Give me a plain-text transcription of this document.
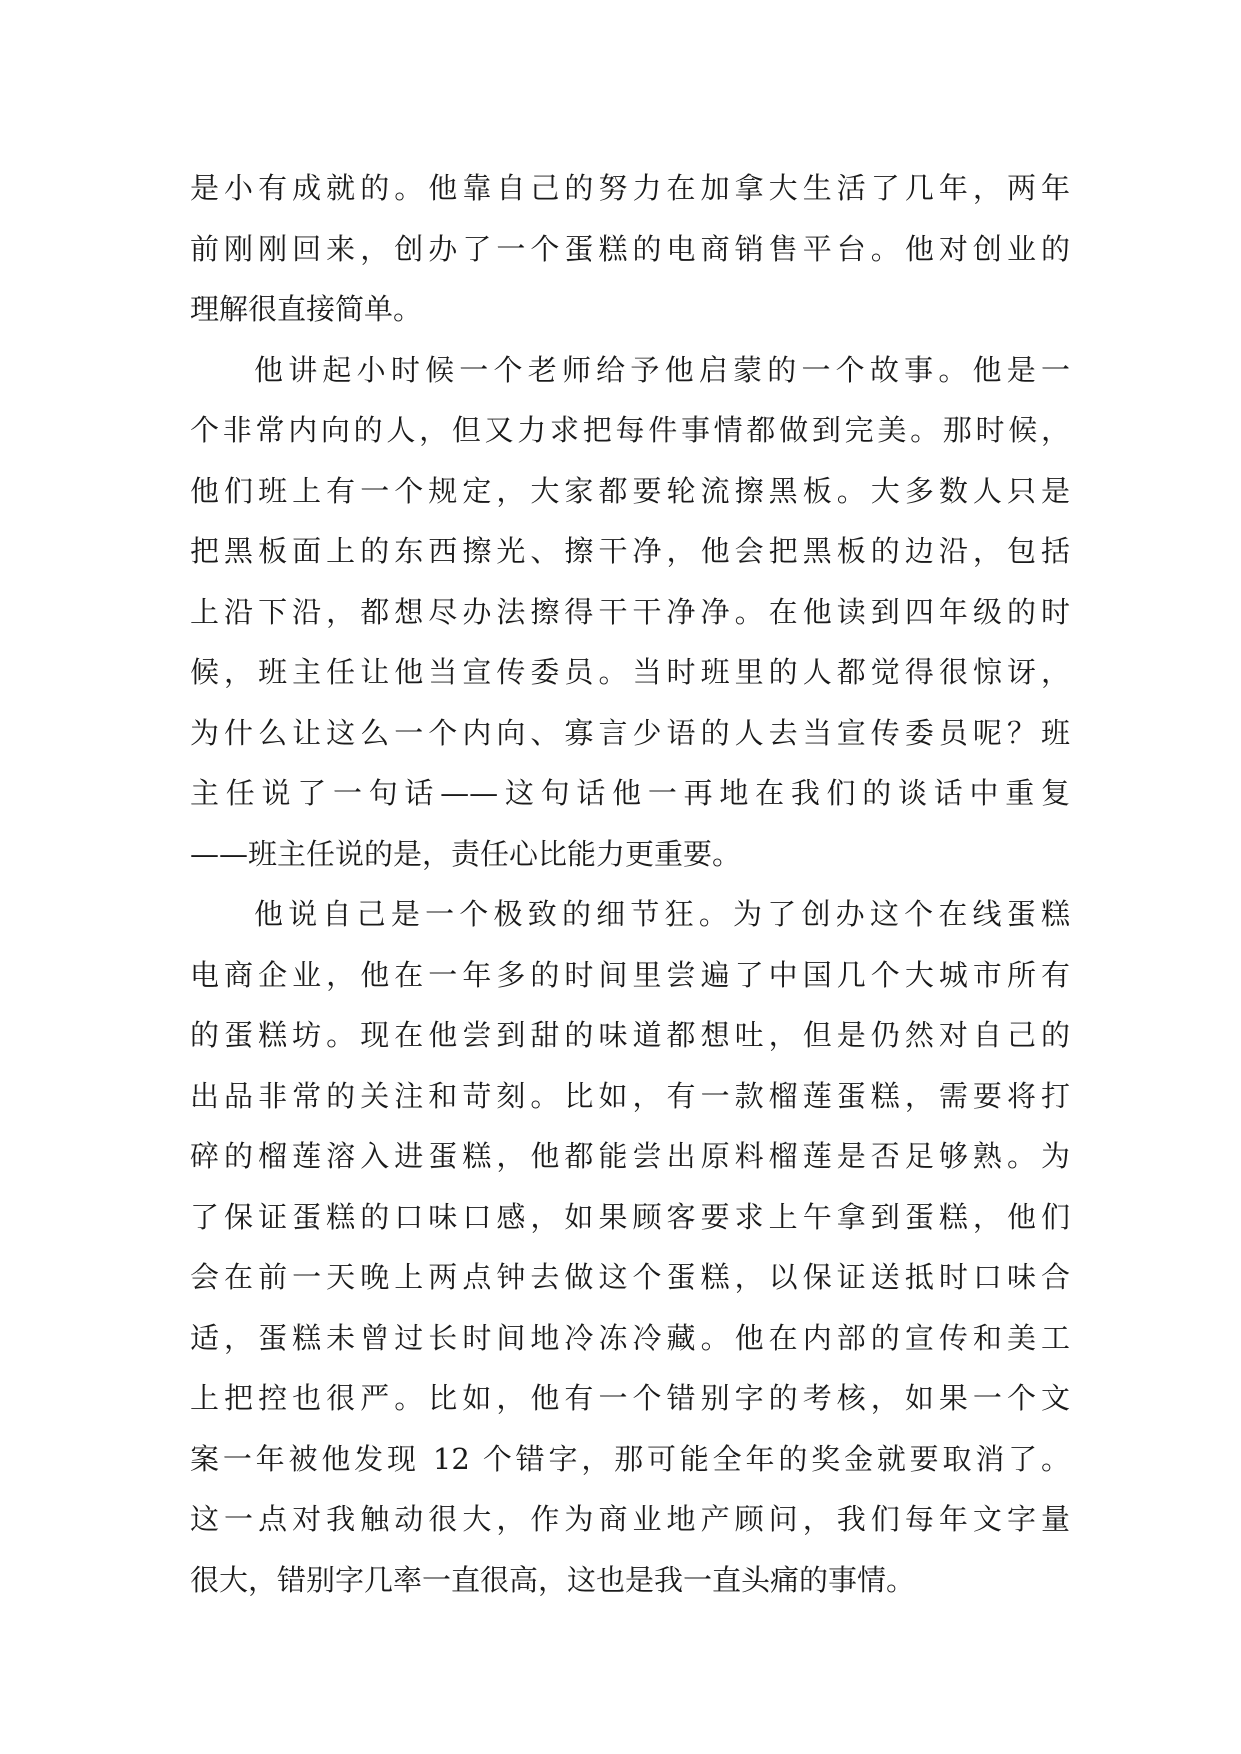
是小有成就的。他靠自己的努力在加拿大生活了几年，两年
前刚刚回来，创办了一个蛋糕的电商销售平台。他对创业的
理解很直接简单。
他讲起小时候一个老师给予他启蒙的一个故事。他是一
个非常内向的人，但又力求把每件事情都做到完美。那时候，
他们班上有一个规定，大家都要轮流擦黑板。大多数人只是
把黑板面上的东西擦光、擦干净，他会把黑板的边沿，包括
上沿下沿，都想尽办法擦得干干净净。在他读到四年级的时
候，班主任让他当宣传委员。当时班里的人都觉得很惊讶，
为什么让这么一个内向、寡言少语的人去当宣传委员呢？班
主任说了一句话——这句话他一再地在我们的谈话中重复
——班主任说的是，责任心比能力更重要。
他说自己是一个极致的细节狂。为了创办这个在线蛋糕
电商企业，他在一年多的时间里尝遍了中国几个大城市所有
的蛋糕坊。现在他尝到甜的味道都想吐，但是仍然对自己的
出品非常的关注和苛刻。比如，有一款榴莲蛋糕，需要将打
碎的榴莲溶入进蛋糕，他都能尝出原料榴莲是否足够熟。为
了保证蛋糕的口味口感，如果顾客要求上午拿到蛋糕，他们
会在前一天晚上两点钟去做这个蛋糕，以保证送抵时口味合
适，蛋糕未曾过长时间地冷冻冷藏。他在内部的宣传和美工
上把控也很严。比如，他有一个错别字的考核，如果一个文
案一年被他发现 12 个错字，那可能全年的奖金就要取消了。
这一点对我触动很大，作为商业地产顾问，我们每年文字量
很大，错别字几率一直很高，这也是我一直头痛的事情。
